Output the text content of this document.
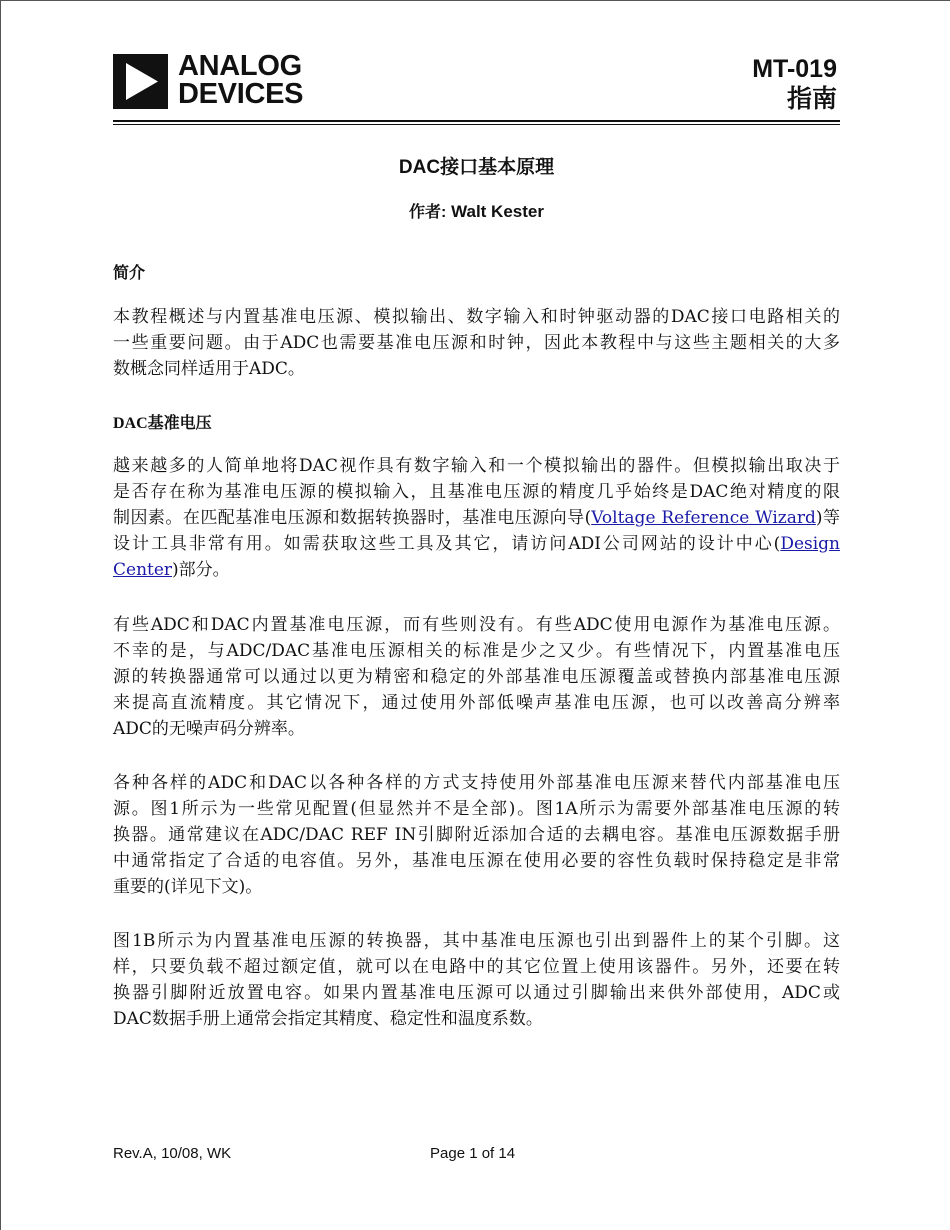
ANALOG
DEVICES
MT-019
指南
DAC接口基本原理
作者: Walt Kester
简介
本教程概述与内置基准电压源、模拟输出、数字输入和时钟驱动器的DAC接口电路相关的
一些重要问题。由于ADC也需要基准电压源和时钟，因此本教程中与这些主题相关的大多
数概念同样适用于ADC。
DAC基准电压
越来越多的人简单地将DAC视作具有数字输入和一个模拟输出的器件。但模拟输出取决于
是否存在称为基准电压源的模拟输入，且基准电压源的精度几乎始终是DAC绝对精度的限
制因素。在匹配基准电压源和数据转换器时，基准电压源向导(Voltage Reference Wizard)等
设计工具非常有用。如需获取这些工具及其它，请访问ADI公司网站的设计中心(Design
Center)部分。
有些ADC和DAC内置基准电压源，而有些则没有。有些ADC使用电源作为基准电压源。
不幸的是，与ADC/DAC基准电压源相关的标准是少之又少。有些情况下，内置基准电压
源的转换器通常可以通过以更为精密和稳定的外部基准电压源覆盖或替换内部基准电压源
来提高直流精度。其它情况下，通过使用外部低噪声基准电压源，也可以改善高分辨率
ADC的无噪声码分辨率。
各种各样的ADC和DAC以各种各样的方式支持使用外部基准电压源来替代内部基准电压
源。图1所示为一些常见配置(但显然并不是全部)。图1A所示为需要外部基准电压源的转
换器。通常建议在ADC/DAC REF IN引脚附近添加合适的去耦电容。基准电压源数据手册
中通常指定了合适的电容值。另外，基准电压源在使用必要的容性负载时保持稳定是非常
重要的(详见下文)。
图1B所示为内置基准电压源的转换器，其中基准电压源也引出到器件上的某个引脚。这
样，只要负载不超过额定值，就可以在电路中的其它位置上使用该器件。另外，还要在转
换器引脚附近放置电容。如果内置基准电压源可以通过引脚输出来供外部使用，ADC或
DAC数据手册上通常会指定其精度、稳定性和温度系数。
Rev.A, 10/08, WK	Page 1 of 14
